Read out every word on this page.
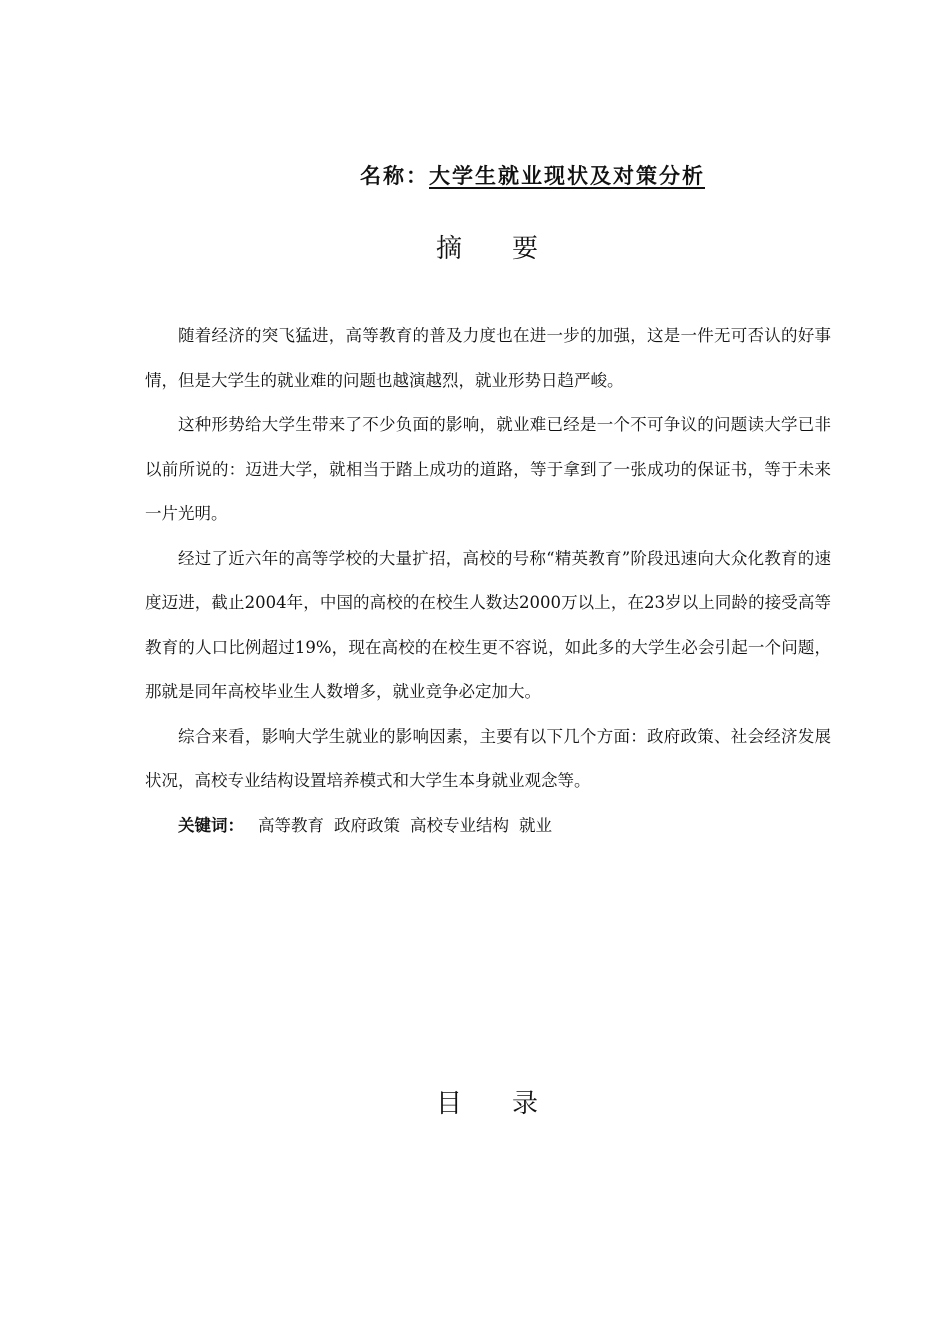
名称：大学生就业现状及对策分析
摘要

随着经济的突飞猛进，高等教育的普及力度也在进一步的加强，这是一件无可否认的好事情，但是大学生的就业难的问题也越演越烈，就业形势日趋严峻。

这种形势给大学生带来了不少负面的影响，就业难已经是一个不可争议的问题读大学已非以前所说的：迈进大学，就相当于踏上成功的道路，等于拿到了一张成功的保证书，等于未来一片光明。

经过了近六年的高等学校的大量扩招，高校的号称“精英教育”阶段迅速向大众化教育的速度迈进，截止2004年，中国的高校的在校生人数达2000万以上，在23岁以上同龄的接受高等教育的人口比例超过19%，现在高校的在校生更不容说，如此多的大学生必会引起一个问题，那就是同年高校毕业生人数增多，就业竞争必定加大。

综合来看，影响大学生就业的影响因素，主要有以下几个方面：政府政策、社会经济发展状况，高校专业结构设置培养模式和大学生本身就业观念等。

关键词： 高等教育 政府政策 高校专业结构 就业

目录
